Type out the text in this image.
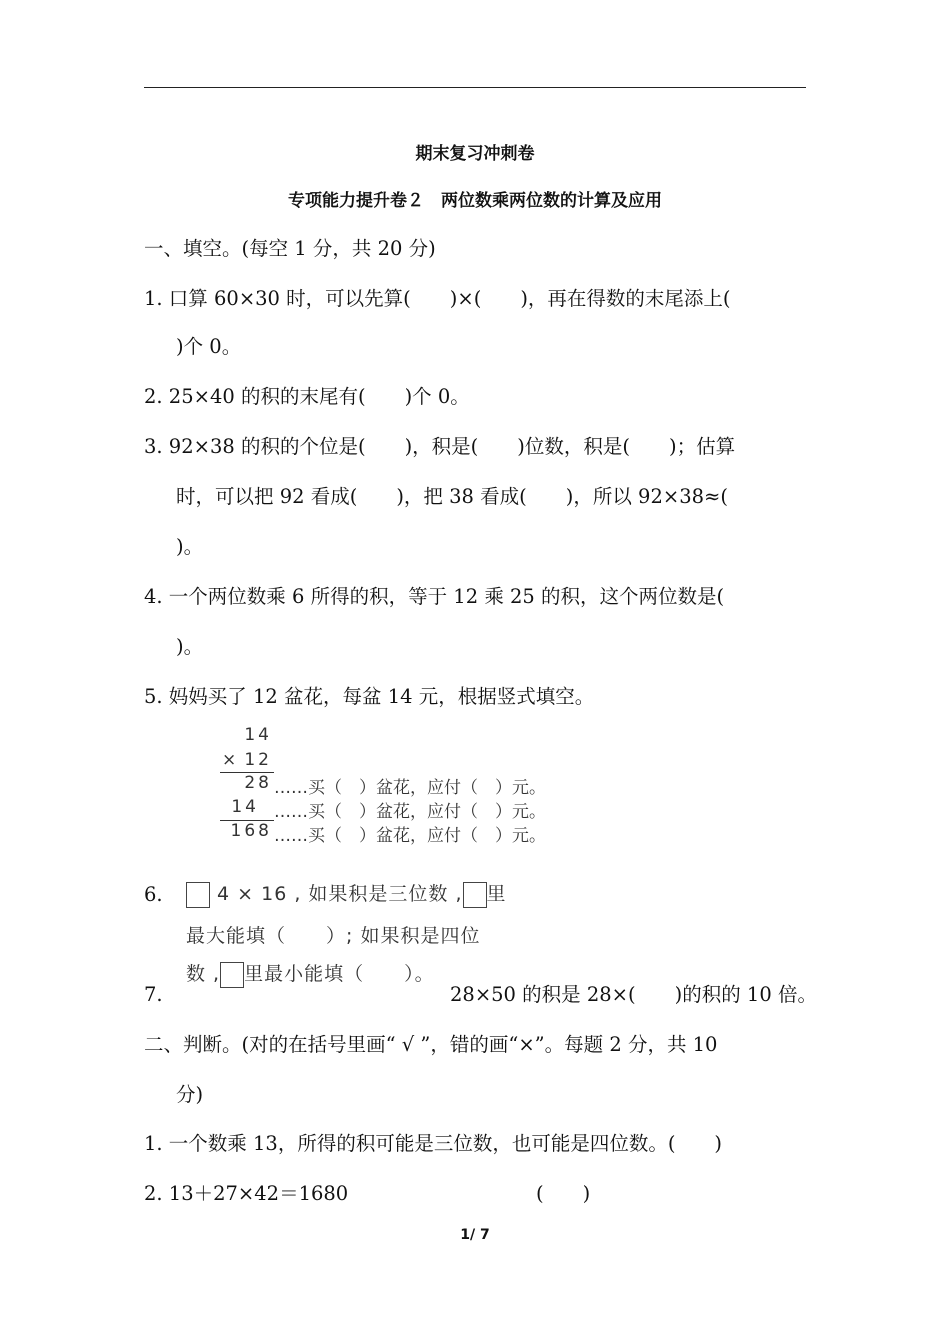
期末复习冲刺卷
专项能力提升卷２　两位数乘两位数的计算及应用
一、填空。(每空 1 分，共 20 分)
1. 口算 60×30 时，可以先算(　　)×(　　)，再在得数的末尾添上(
)个 0。
2. 25×40 的积的末尾有(　　)个 0。
3. 92×38 的积的个位是(　　)，积是(　　)位数，积是(　　)；估算
时，可以把 92 看成(　　)，把 38 看成(　　)，所以 92×38≈(
)。
4. 一个两位数乘 6 所得的积，等于 12 乘 25 的积，这个两位数是(
)。
5. 妈妈买了 12 盆花，每盆 14 元，根据竖式填空。
14
× 12
28 ……买（　）盆花，应付（　）元。
14 ……买（　）盆花，应付（　）元。
168 ……买（　）盆花，应付（　）元。
6.	4 × 16 , 如果积是三位数 , 里
最大能填（　　）; 如果积是四位
数 , 里最小能填（　　）。
7.	28×50 的积是 28×(　　)的积的 10 倍。
二、判断。(对的在括号里画“ √ ”，错的画“×”。每题 2 分，共 10
分)
1. 一个数乘 13，所得的积可能是三位数，也可能是四位数。(　　)
2. 13＋27×42＝1680	(　　)
1/ 7
